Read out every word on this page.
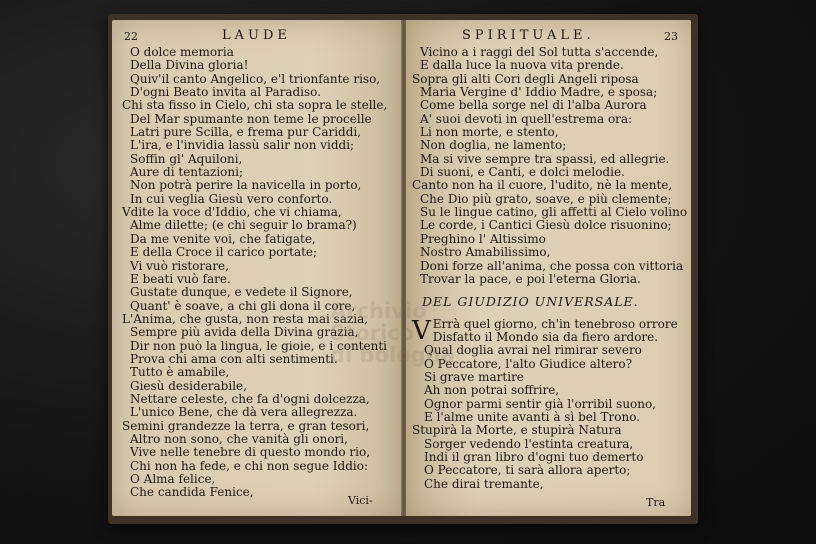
22	LAUDE
O dolce memoria
Della Divina gloria!
Quiv'il canto Angelico, e'l trionfante riso,
D'ogni Beato invita al Paradiso.
Chi sta fisso in Cielo, chi sta sopra le stelle,
Del Mar spumante non teme le procelle
Latri pure Scilla, e frema pur Cariddi,
L'ira, e l'invidia lassù salir non viddi;
Soffin gl' Aquiloni,
Aure di tentazioni;
Non potrà perire la navicella in porto,
In cui veglia Giesù vero conforto.
Vdite la voce d'Iddio, che vi chiama,
Alme dilette; (e chi seguir lo brama?)
Da me venite voi, che fatigate,
E della Croce il carico portate;
Vi vuò ristorare,
E beati vuò fare.
Gustate dunque, e vedete il Signore,
Quant' è soave, a chi gli dona il core,
L'Anima, che gusta, non resta mai sazia,
Sempre più avida della Divina grazia,
Dir non può la lingua, le gioie, e i contenti
Prova chi ama con alti sentimenti.
Tutto è amabile,
Giesù desiderabile,
Nettare celeste, che fa d'ogni dolcezza,
L'unico Bene, che dà vera allegrezza.
Semini grandezze la terra, e gran tesori,
Altro non sono, che vanità gli onori,
Vive nelle tenebre di questo mondo rio,
Chi non ha fede, e chi non segue Iddio:
O Alma felice,
Che candida Fenice,
Vici-
SPIRITUALE.	23
Vicino a i raggi del Sol tutta s'accende,
E dalla luce la nuova vita prende.
Sopra gli alti Cori degli Angeli riposa
Maria Vergine d' Iddio Madre, e sposa;
Come bella sorge nel di l'alba Aurora
A' suoi devoti in quell'estrema ora:
Li non morte, e stento,
Non doglia, ne lamento;
Ma si vive sempre tra spassi, ed allegrie.
Di suoni, e Canti, e dolci melodie.
Canto non ha il cuore, l'udito, nè la mente,
Che Dio più grato, soave, e più clemente;
Su le lingue catino, gli affetti al Cielo volino
Le corde, i Cantici Giesù dolce risuonino;
Preghino l' Altissimo
Nostro Amabilissimo,
Doni forze all'anima, che possa con vittoria
Trovar la pace, e poi l'eterna Gloria.
DEL GIUDIZIO UNIVERSALE.
V Errà quel giorno, ch'in tenebroso orrore
Disfatto il Mondo sia da fiero ardore.
Qual doglia avrai nel rimirar severo
O Peccatore, l'alto Giudice altero?
Si grave martire
Ah non potrai soffrire,
Ognor parmi sentir già l'orribil suono,
E l'alme unite avanti à sì bel Trono.
Stupirà la Morte, e stupirà Natura
Sorger vedendo l'estinta creatura,
Indi il gran libro d'ogni tuo demerto
O Peccatore, ti sarà allora aperto;
Che dirai tremante,
Tra
Archivio
Storico
di bologna
